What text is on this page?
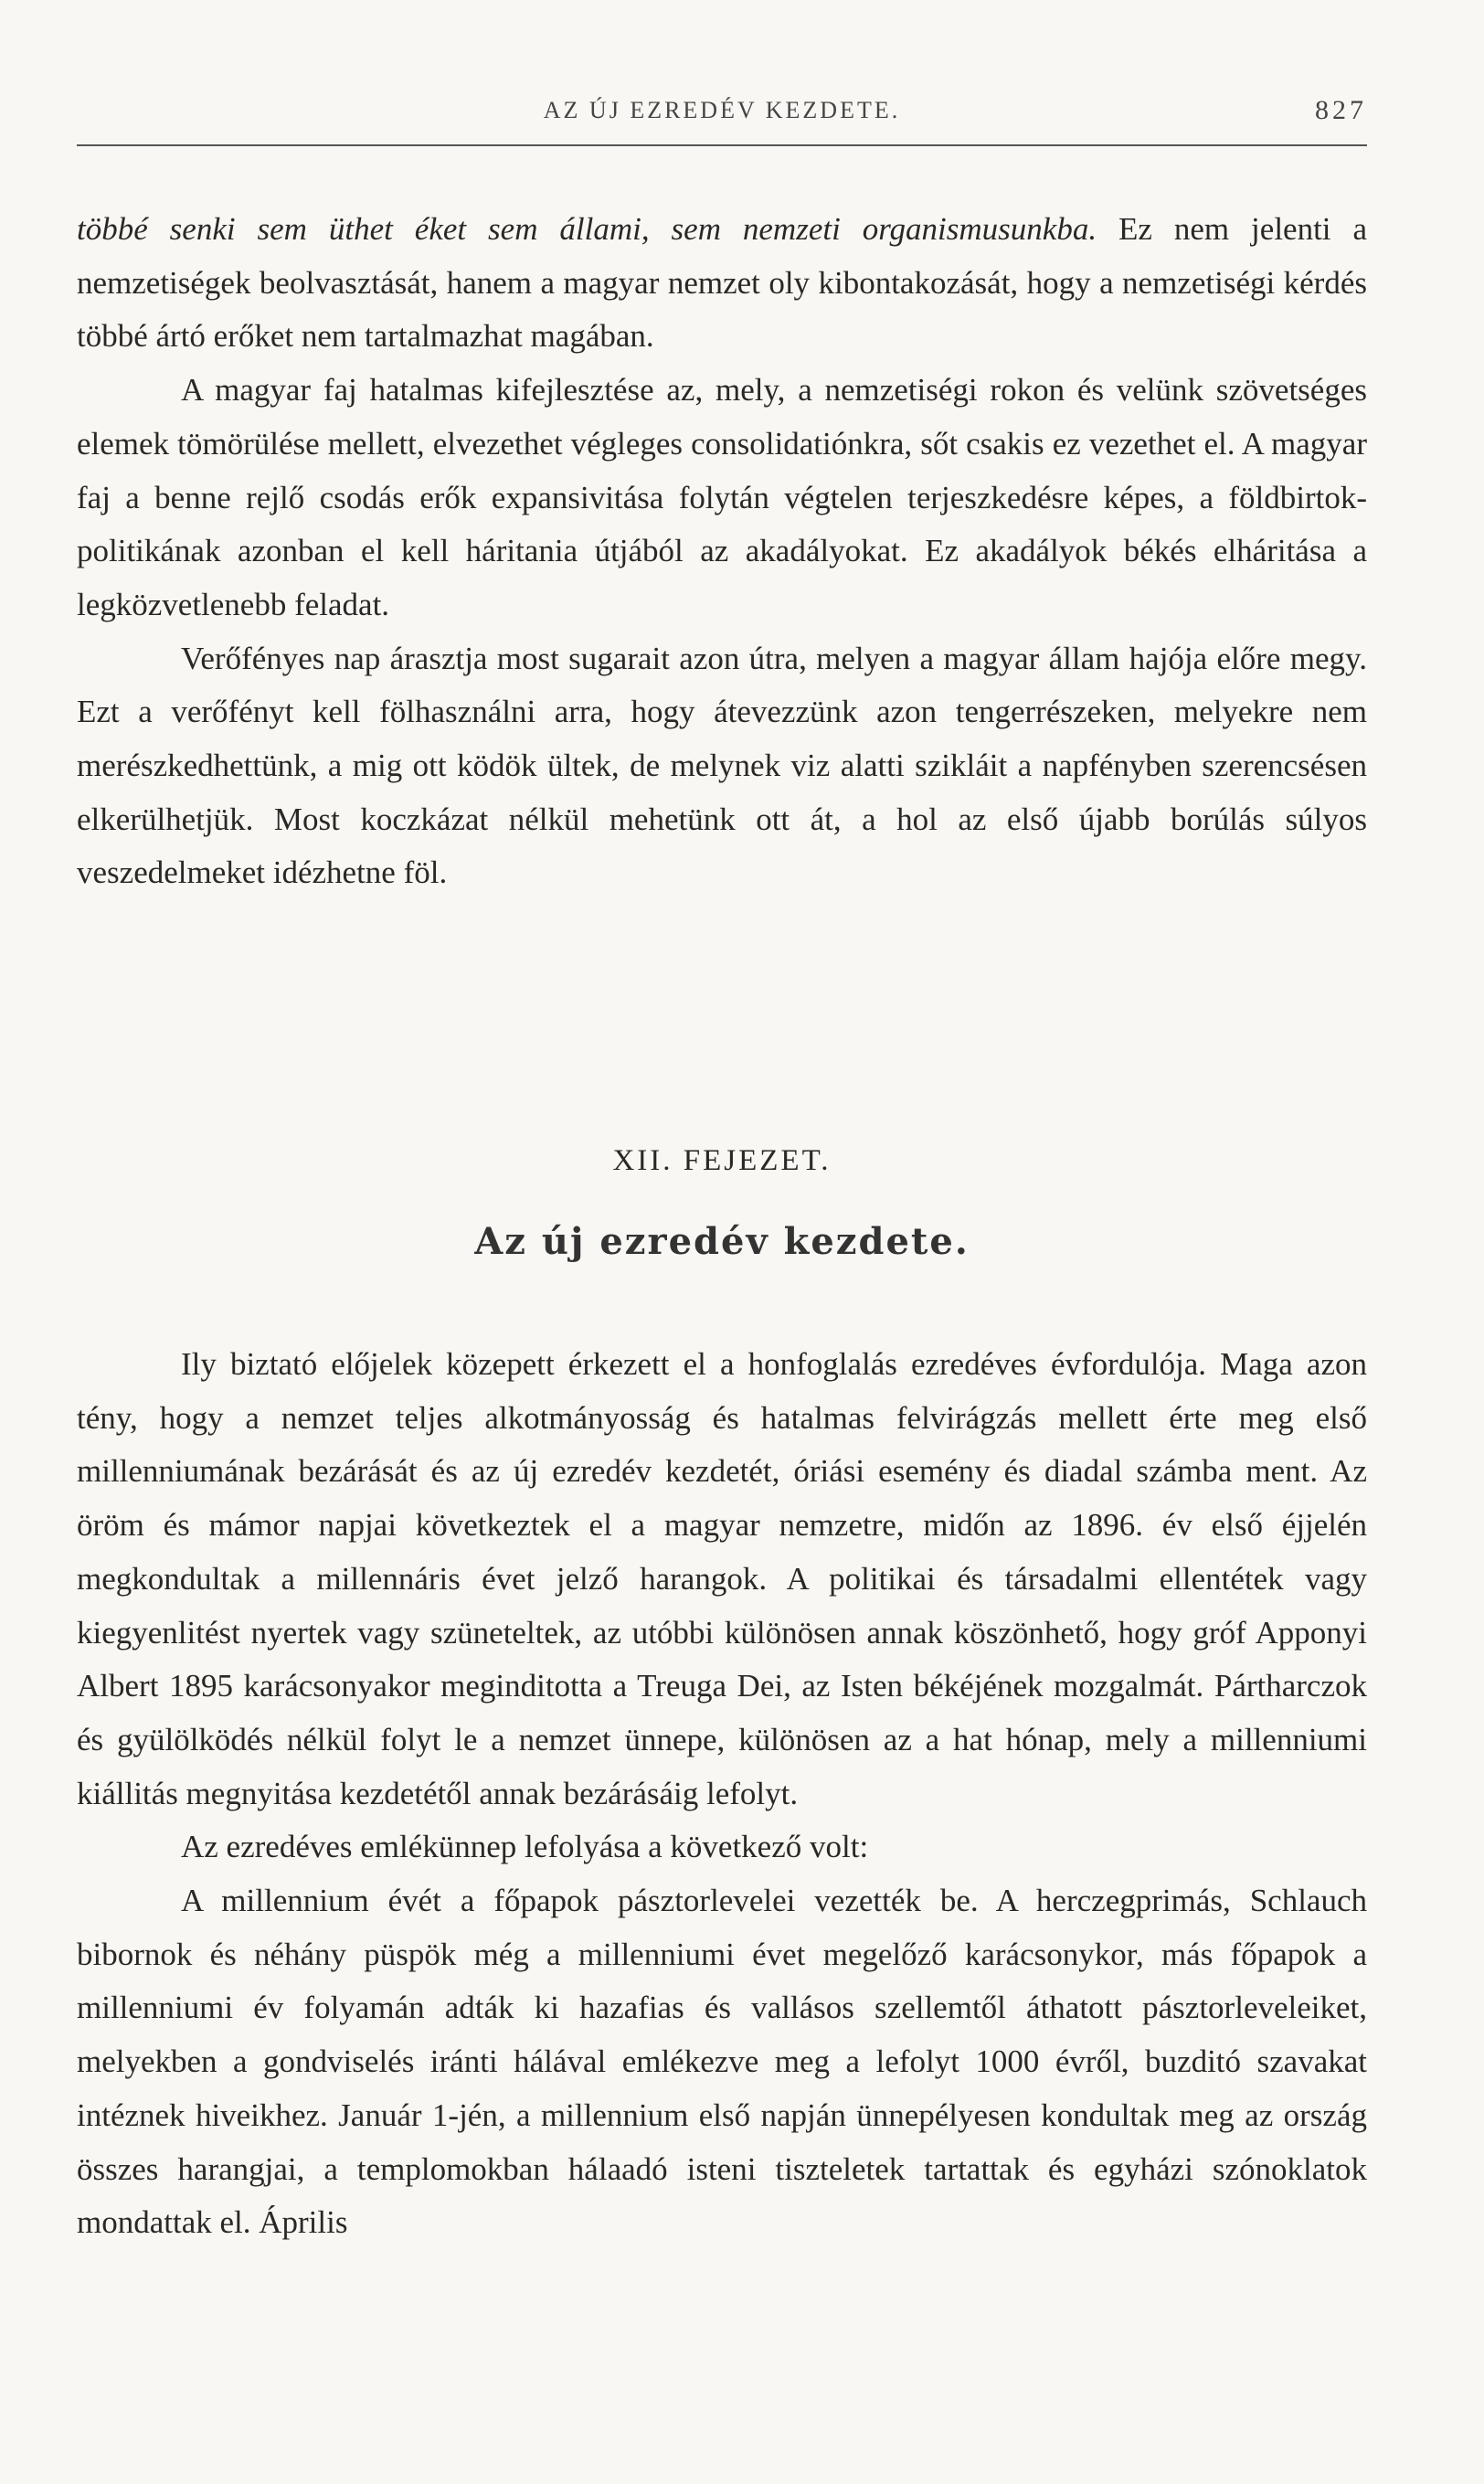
AZ ÚJ EZREDÉV KEZDETE.	827

többé senki sem üthet éket sem állami, sem nemzeti organismusunkba. Ez nem jelenti a nemzetiségek beolvasztását, hanem a magyar nemzet oly kibontakozását, hogy a nemzetiségi kérdés többé ártó erőket nem tartalmazhat magában.

A magyar faj hatalmas kifejlesztése az, mely, a nemzetiségi rokon és velünk szövetséges elemek tömörülése mellett, elvezethet végleges consolidatiónkra, sőt csakis ez vezethet el. A magyar faj a benne rejlő csodás erők expansivitása folytán végtelen terjeszkedésre képes, a földbirtok-politikának azonban el kell háritania útjából az akadályokat. Ez akadályok békés elháritása a legközvetlenebb feladat.

Verőfényes nap árasztja most sugarait azon útra, melyen a magyar állam hajója előre megy. Ezt a verőfényt kell fölhasználni arra, hogy átevezzünk azon tengerrészeken, melyekre nem merészkedhettünk, a mig ott ködök ültek, de melynek viz alatti szikláit a napfényben szerencsésen elkerülhetjük. Most koczkázat nélkül mehetünk ott át, a hol az első újabb borúlás súlyos veszedelmeket idézhetne föl.

XII. FEJEZET.
Az új ezredév kezdete.

Ily biztató előjelek közepett érkezett el a honfoglalás ezredéves évfordulója. Maga azon tény, hogy a nemzet teljes alkotmányosság és hatalmas felvirágzás mellett érte meg első millenniumának bezárását és az új ezredév kezdetét, óriási esemény és diadal számba ment. Az öröm és mámor napjai következtek el a magyar nemzetre, midőn az 1896. év első éjjelén megkondultak a millennáris évet jelző harangok. A politikai és társadalmi ellentétek vagy kiegyenlitést nyertek vagy szüneteltek, az utóbbi különösen annak köszönhető, hogy gróf Apponyi Albert 1895 karácsonyakor meginditotta a Treuga Dei, az Isten békéjének mozgalmát. Pártharczok és gyülölködés nélkül folyt le a nemzet ünnepe, különösen az a hat hónap, mely a millenniumi kiállitás megnyitása kezdetétől annak bezárásáig lefolyt.

Az ezredéves emlékünnep lefolyása a következő volt:

A millennium évét a főpapok pásztorlevelei vezették be. A herczegprimás, Schlauch bibornok és néhány püspök még a millenniumi évet megelőző karácsonykor, más főpapok a millenniumi év folyamán adták ki hazafias és vallásos szellemtől áthatott pásztorleveleiket, melyekben a gondviselés iránti hálával emlékezve meg a lefolyt 1000 évről, buzditó szavakat intéznek hiveikhez. Január 1-jén, a millennium első napján ünnepélyesen kondultak meg az ország összes harangjai, a templomokban hálaadó isteni tiszteletek tartattak és egyházi szónoklatok mondattak el. Április
